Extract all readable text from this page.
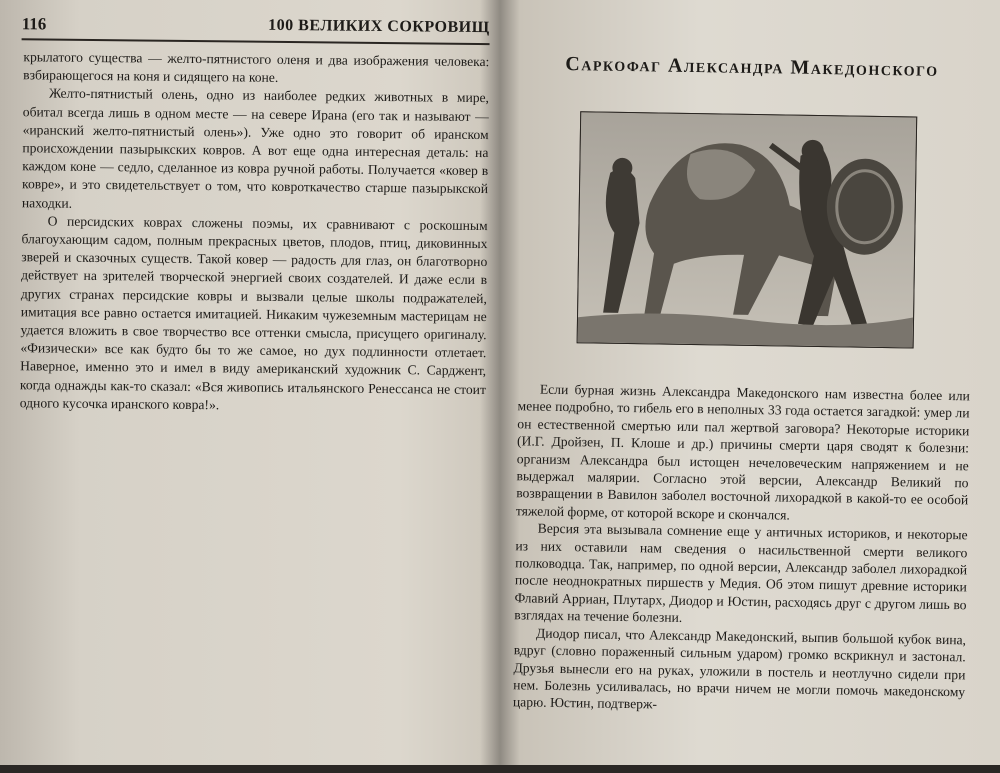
116	100 ВЕЛИКИХ СОКРОВИЩ

крылатого существа — желто-пятнистого оленя и два изображения человека: взбирающегося на коня и сидящего на коне.

Желто-пятнистый олень, одно из наиболее редких животных в мире, обитал всегда лишь в одном месте — на севере Ирана (его так и называют — «иранский желто-пятнистый олень»). Уже одно это говорит об иранском происхождении пазырыкских ковров. А вот еще одна интересная деталь: на каждом коне — седло, сделанное из ковра ручной работы. Получается «ковер в ковре», и это свидетельствует о том, что ковроткачество старше пазырыкской находки.

О персидских коврах сложены поэмы, их сравнивают с роскошным благоухающим садом, полным прекрасных цветов, плодов, птиц, диковинных зверей и сказочных существ. Такой ковер — радость для глаз, он благотворно действует на зрителей творческой энергией своих создателей. И даже если в других странах персидские ковры и вызвали целые школы подражателей, имитация все равно остается имитацией. Никаким чужеземным мастерицам не удается вложить в свое творчество все оттенки смысла, присущего оригиналу. «Физически» все как будто бы то же самое, но дух подлинности отлетает. Наверное, именно это и имел в виду американский художник С. Сарджент, когда однажды как-то сказал: «Вся живопись итальянского Ренессанса не стоит одного кусочка иранского ковра!».

Саркофаг Александра Македонского

Если бурная жизнь Александра Македонского нам известна более или менее подробно, то гибель его в неполных 33 года остается загадкой: умер ли он естественной смертью или пал жертвой заговора? Некоторые историки (И.Г. Дройзен, П. Клоше и др.) причины смерти царя сводят к болезни: организм Александра был истощен нечеловеческим напряжением и не выдержал малярии. Согласно этой версии, Александр Великий по возвращении в Вавилон заболел восточной лихорадкой в какой-то ее особой тяжелой форме, от которой вскоре и скончался.

Версия эта вызывала сомнение еще у античных историков, и некоторые из них оставили нам сведения о насильственной смерти великого полководца. Так, например, по одной версии, Александр заболел лихорадкой после неоднократных пиршеств у Медия. Об этом пишут древние историки Флавий Арриан, Плутарх, Диодор и Юстин, расходясь друг с другом лишь во взглядах на течение болезни.

Диодор писал, что Александр Македонский, выпив большой кубок вина, вдруг (словно пораженный сильным ударом) громко вскрикнул и застонал. Друзья вынесли его на руках, уложили в постель и неотлучно сидели при нем. Болезнь усиливалась, но врачи ничем не могли помочь македонскому царю. Юстин, подтверж-
